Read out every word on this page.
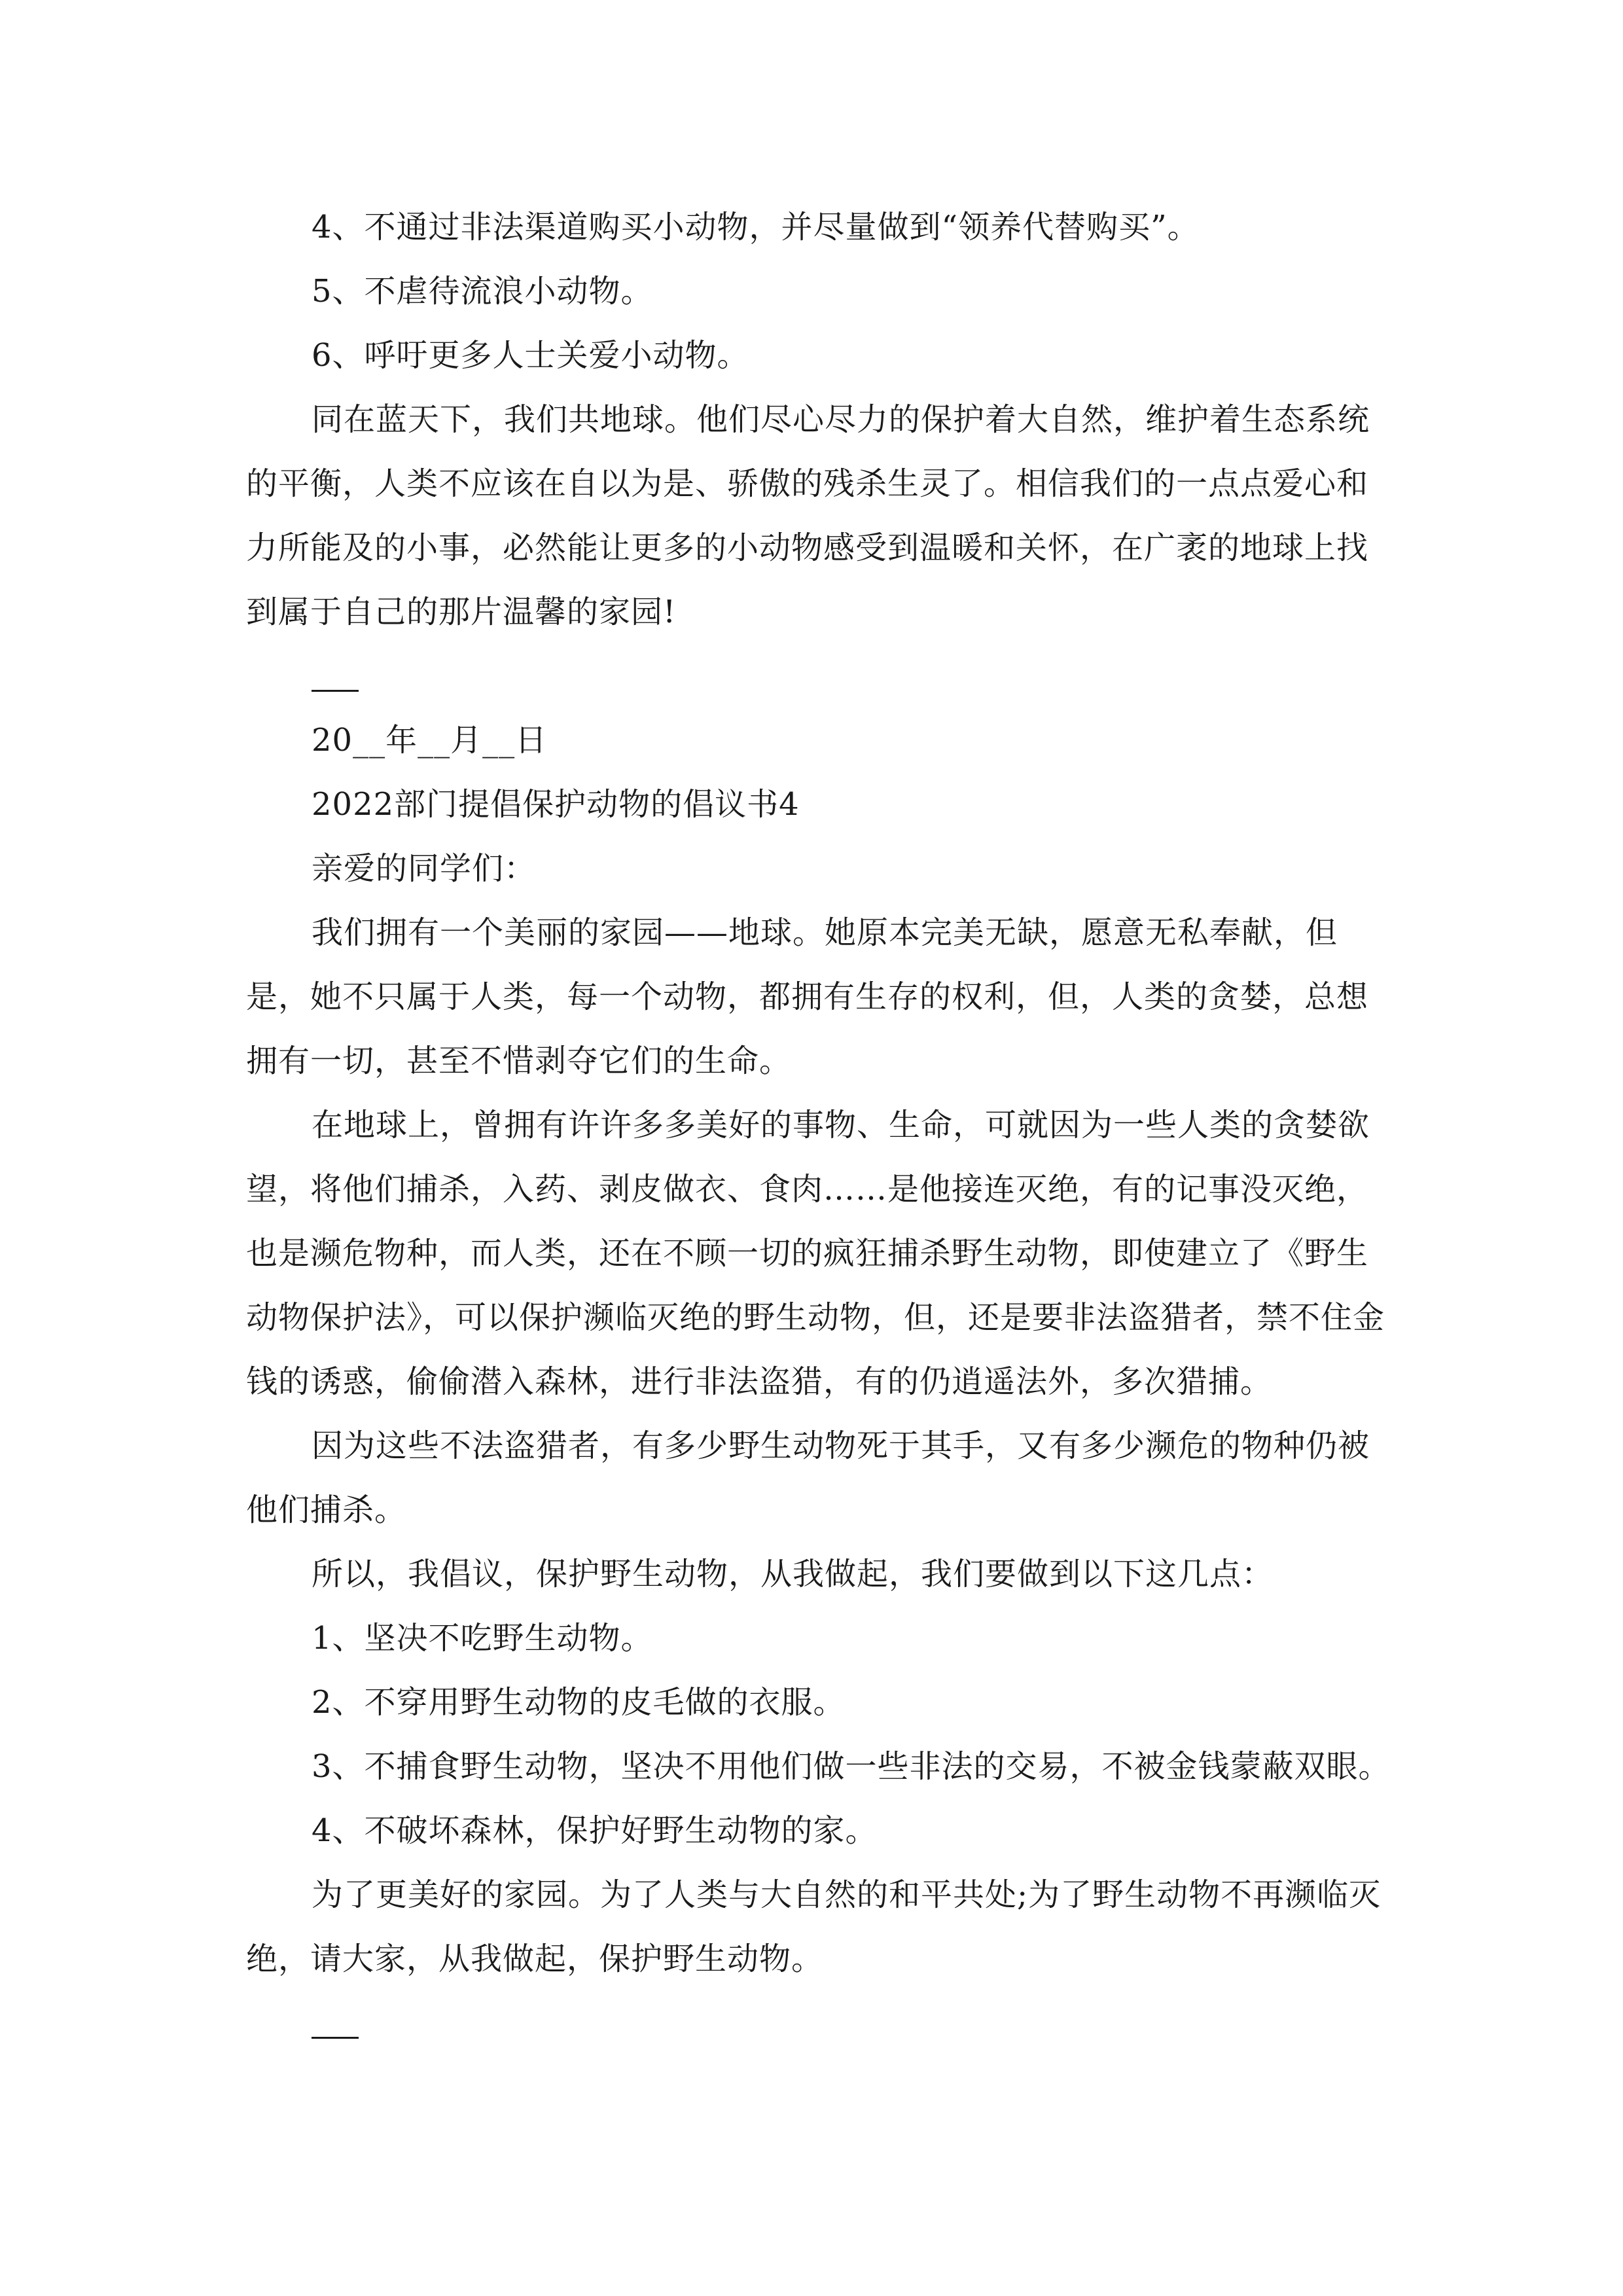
4、不通过非法渠道购买小动物，并尽量做到“领养代替购买”。

5、不虐待流浪小动物。

6、呼吁更多人士关爱小动物。

同在蓝天下，我们共地球。他们尽心尽力的保护着大自然，维护着生态系统的平衡，人类不应该在自以为是、骄傲的残杀生灵了。相信我们的一点点爱心和力所能及的小事，必然能让更多的小动物感受到温暖和关怀，在广袤的地球上找到属于自己的那片温馨的家园!

20__年__月__日

2022部门提倡保护动物的倡议书4

亲爱的同学们：

我们拥有一个美丽的家园——地球。她原本完美无缺，愿意无私奉献，但是，她不只属于人类，每一个动物，都拥有生存的权利，但，人类的贪婪，总想拥有一切，甚至不惜剥夺它们的生命。

在地球上，曾拥有许许多多美好的事物、生命，可就因为一些人类的贪婪欲望，将他们捕杀，入药、剥皮做衣、食肉……是他接连灭绝，有的记事没灭绝，也是濒危物种，而人类，还在不顾一切的疯狂捕杀野生动物，即使建立了《野生动物保护法》，可以保护濒临灭绝的野生动物，但，还是要非法盗猎者，禁不住金钱的诱惑，偷偷潜入森林，进行非法盗猎，有的仍逍遥法外，多次猎捕。

因为这些不法盗猎者，有多少野生动物死于其手，又有多少濒危的物种仍被他们捕杀。

所以，我倡议，保护野生动物，从我做起，我们要做到以下这几点：

1、坚决不吃野生动物。

2、不穿用野生动物的皮毛做的衣服。

3、不捕食野生动物，坚决不用他们做一些非法的交易，不被金钱蒙蔽双眼。

4、不破坏森林，保护好野生动物的家。

为了更美好的家园。为了人类与大自然的和平共处;为了野生动物不再濒临灭绝，请大家，从我做起，保护野生动物。
